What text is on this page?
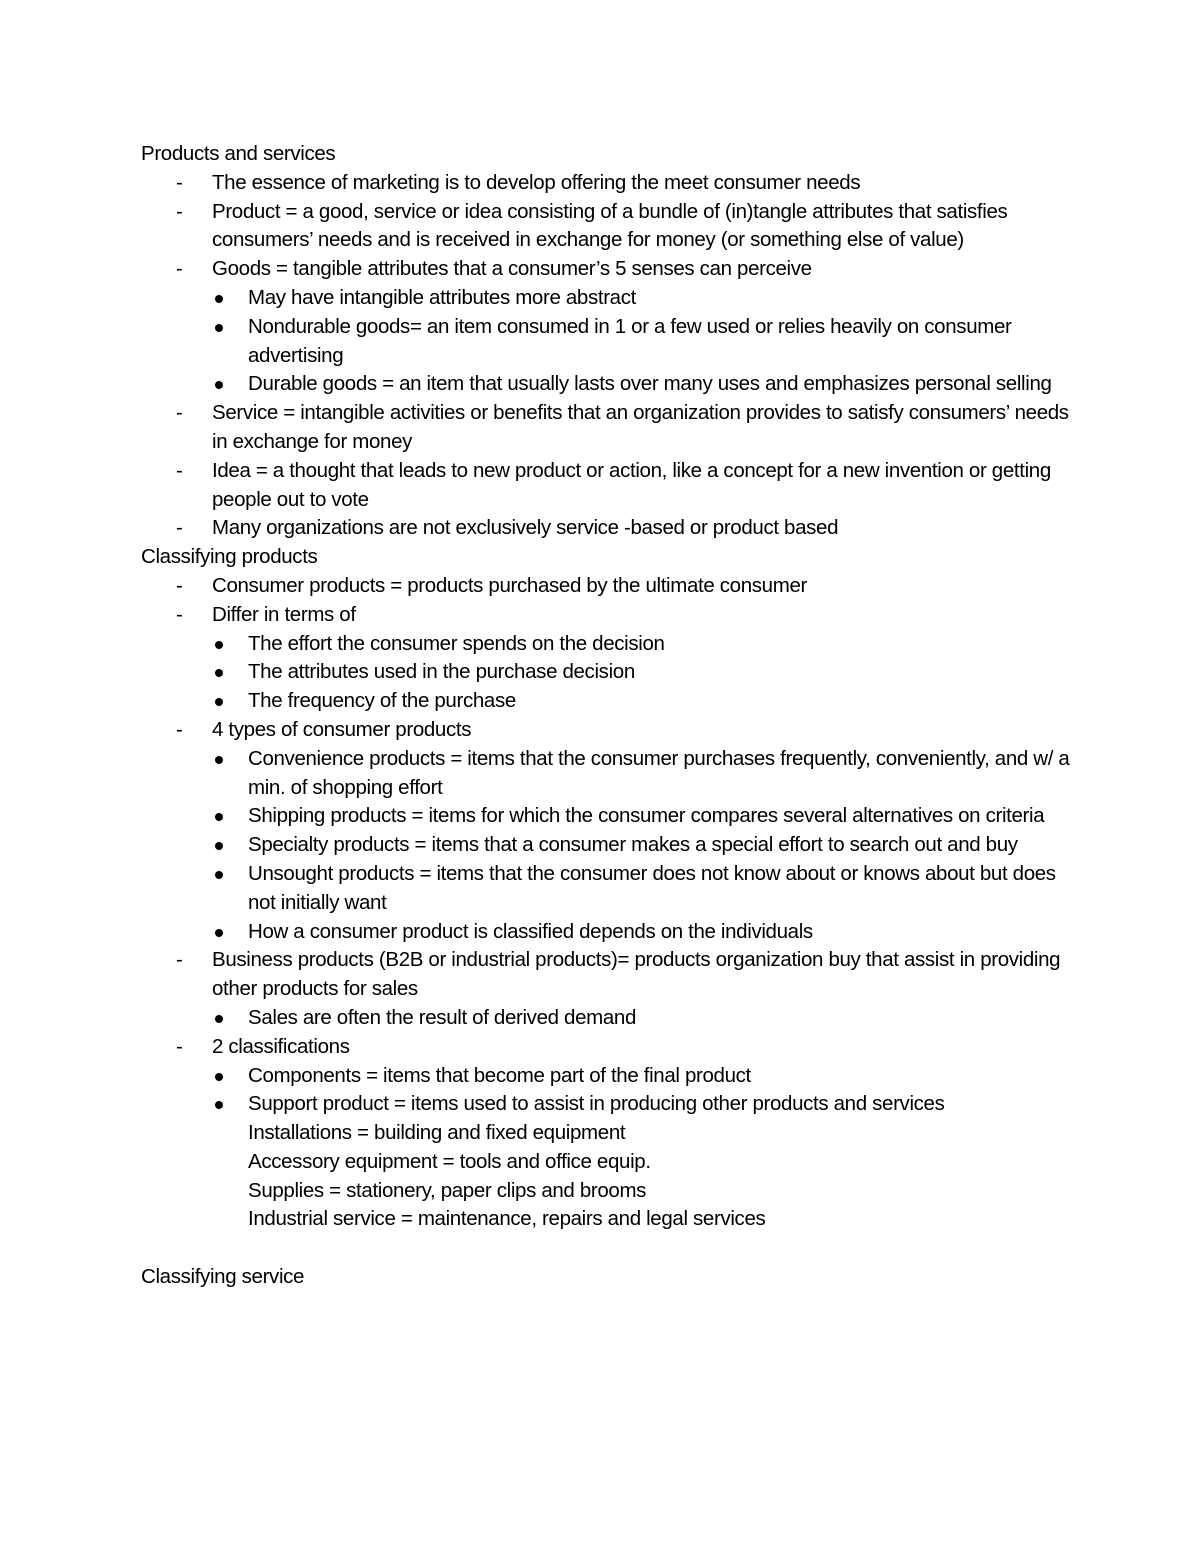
Products and services

- The essence of marketing is to develop offering the meet consumer needs
- Product = a good, service or idea consisting of a bundle of (in)tangle attributes that satisfies consumers’ needs and is received in exchange for money (or something else of value)
- Goods = tangible attributes that a consumer’s 5 senses can perceive
May have intangible attributes more abstract
Nondurable goods= an item consumed in 1 or a few used or relies heavily on consumer advertising
Durable goods = an item that usually lasts over many uses and emphasizes personal selling
- Service = intangible activities or benefits that an organization provides to satisfy consumers’ needs in exchange for money
- Idea = a thought that leads to new product or action, like a concept for a new invention or getting people out to vote
- Many organizations are not exclusively service -based or product based

Classifying products

- Consumer products = products purchased by the ultimate consumer
- Differ in terms of
The effort the consumer spends on the decision
The attributes used in the purchase decision
The frequency of the purchase
- 4 types of consumer products
Convenience products = items that the consumer purchases frequently, conveniently, and w/ a min. of shopping effort
Shipping products = items for which the consumer compares several alternatives on criteria
Specialty products = items that a consumer makes a special effort to search out and buy
Unsought products = items that the consumer does not know about or knows about but does not initially want
How a consumer product is classified depends on the individuals
- Business products (B2B or industrial products)= products organization buy that assist in providing other products for sales
Sales are often the result of derived demand
- 2 classifications
Components = items that become part of the final product
Support product = items used to assist in producing other products and services
Installations = building and fixed equipment
Accessory equipment = tools and office equip.
Supplies = stationery, paper clips and brooms
Industrial service = maintenance, repairs and legal services

Classifying service
